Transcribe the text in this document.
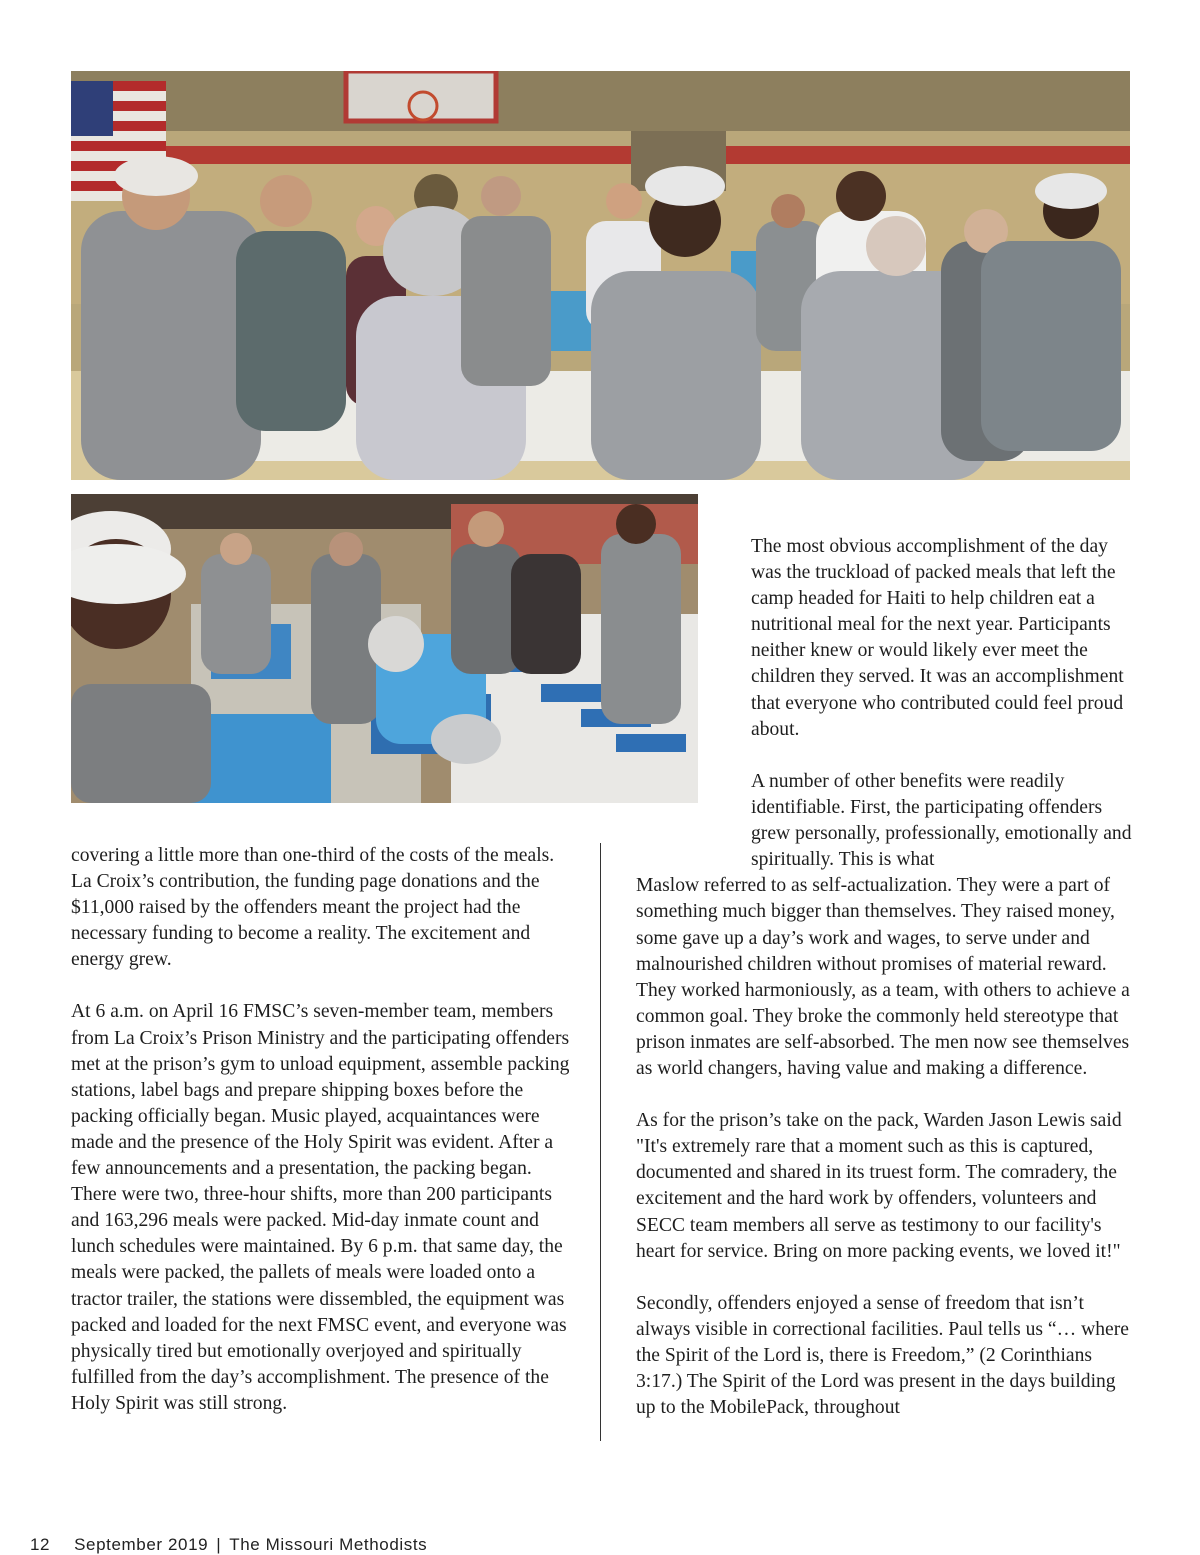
The most obvious accomplishment of the day was the truckload of packed meals that left the camp headed for Haiti to help children eat a nutritional meal for the next year. Participants neither knew or would likely ever meet the children they served. It was an accomplishment that everyone who contributed could feel proud about.

covering a little more than one-third of the costs of the meals. La Croix’s contribution, the funding page donations and the $11,000 raised by the offenders meant the project had the necessary funding to become a reality. The excitement and energy grew.

At 6 a.m. on April 16 FMSC’s seven-member team, members from La Croix’s Prison Ministry and the participating offenders met at the prison’s gym to unload equipment, assemble packing stations, label bags and prepare shipping boxes before the packing officially began. Music played, acquaintances were made and the presence of the Holy Spirit was evident. After a few announcements and a presentation, the packing began. There were two, three-hour shifts, more than 200 participants and 163,296 meals were packed. Mid-day inmate count and lunch schedules were maintained. By 6 p.m. that same day, the meals were packed, the pallets of meals were loaded onto a tractor trailer, the stations were dissembled, the equipment was packed and loaded for the next FMSC event, and everyone was physically tired but emotionally overjoyed and spiritually fulfilled from the day’s accomplishment. The presence of the Holy Spirit was still strong.

A number of other benefits were readily identifiable. First, the participating offenders grew personally, professionally, emotionally and spiritually. This is what
Maslow referred to as self-actualization. They were a part of something much bigger than themselves. They raised money, some gave up a day’s work and wages, to serve under and malnourished children without promises of material reward. They worked harmoniously, as a team, with others to achieve a common goal. They broke the commonly held stereotype that prison inmates are self-absorbed. The men now see themselves as world changers, having value and making a difference.

As for the prison’s take on the pack, Warden Jason Lewis said "It's extremely rare that a moment such as this is captured, documented and shared in its truest form. The comradery, the excitement and the hard work by offenders, volunteers and SECC team members all serve as testimony to our facility's heart for service. Bring on more packing events, we loved it!"

Secondly, offenders enjoyed a sense of freedom that isn’t always visible in correctional facilities. Paul tells us “… where the Spirit of the Lord is, there is Freedom,” (2 Corinthians 3:17.) The Spirit of the Lord was present in the days building up to the MobilePack, throughout

12 September 2019 | The Missouri Methodists
